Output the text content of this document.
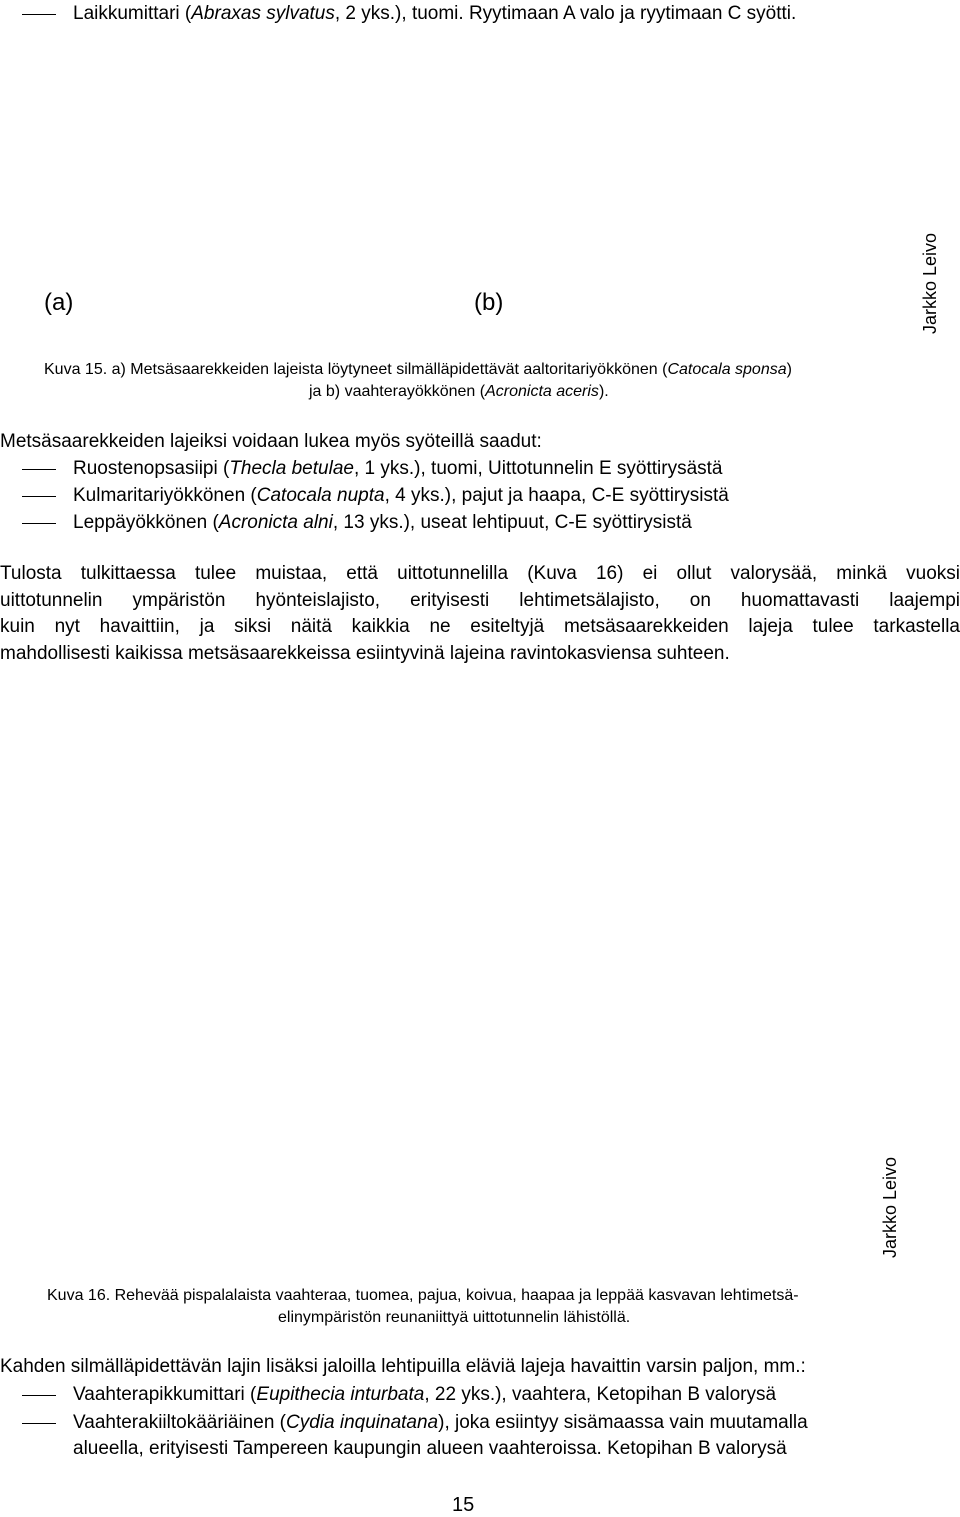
Laikkumittari (Abraxas sylvatus, 2 yks.), tuomi. Ryytimaan A valo ja ryytimaan C syötti.
(a)	(b)	Jarkko Leivo
Kuva 15. a) Metsäsaarekkeiden lajeista löytyneet silmälläpidettävät aaltoritariyökkönen (Catocala sponsa)
ja b) vaahterayökkönen (Acronicta aceris).
Metsäsaarekkeiden lajeiksi voidaan lukea myös syöteillä saadut:
Ruostenopsasiipi (Thecla betulae, 1 yks.), tuomi, Uittotunnelin E syöttirysästä
Kulmaritariyökkönen (Catocala nupta, 4 yks.), pajut ja haapa, C-E syöttirysistä
Leppäyökkönen (Acronicta alni, 13 yks.), useat lehtipuut, C-E syöttirysistä
Tulosta tulkittaessa tulee muistaa, että uittotunnelilla (Kuva 16) ei ollut valorysää, minkä vuoksi
uittotunnelin ympäristön hyönteislajisto, erityisesti lehtimetsälajisto, on huomattavasti laajempi
kuin nyt havaittiin, ja siksi näitä kaikkia ne esiteltyjä metsäsaarekkeiden lajeja tulee tarkastella
mahdollisesti kaikissa metsäsaarekkeissa esiintyvinä lajeina ravintokasviensa suhteen.
Jarkko Leivo
Kuva 16. Rehevää pispalalaista vaahteraa, tuomea, pajua, koivua, haapaa ja leppää kasvavan lehtimetsä-
elinympäristön reunaniittyä uittotunnelin lähistöllä.
Kahden silmälläpidettävän lajin lisäksi jaloilla lehtipuilla eläviä lajeja havaittin varsin paljon, mm.:
Vaahterapikkumittari (Eupithecia inturbata, 22 yks.), vaahtera, Ketopihan B valorysä
Vaahterakiiltokääriäinen (Cydia inquinatana), joka esiintyy sisämaassa vain muutamalla
alueella, erityisesti Tampereen kaupungin alueen vaahteroissa. Ketopihan B valorysä
15
